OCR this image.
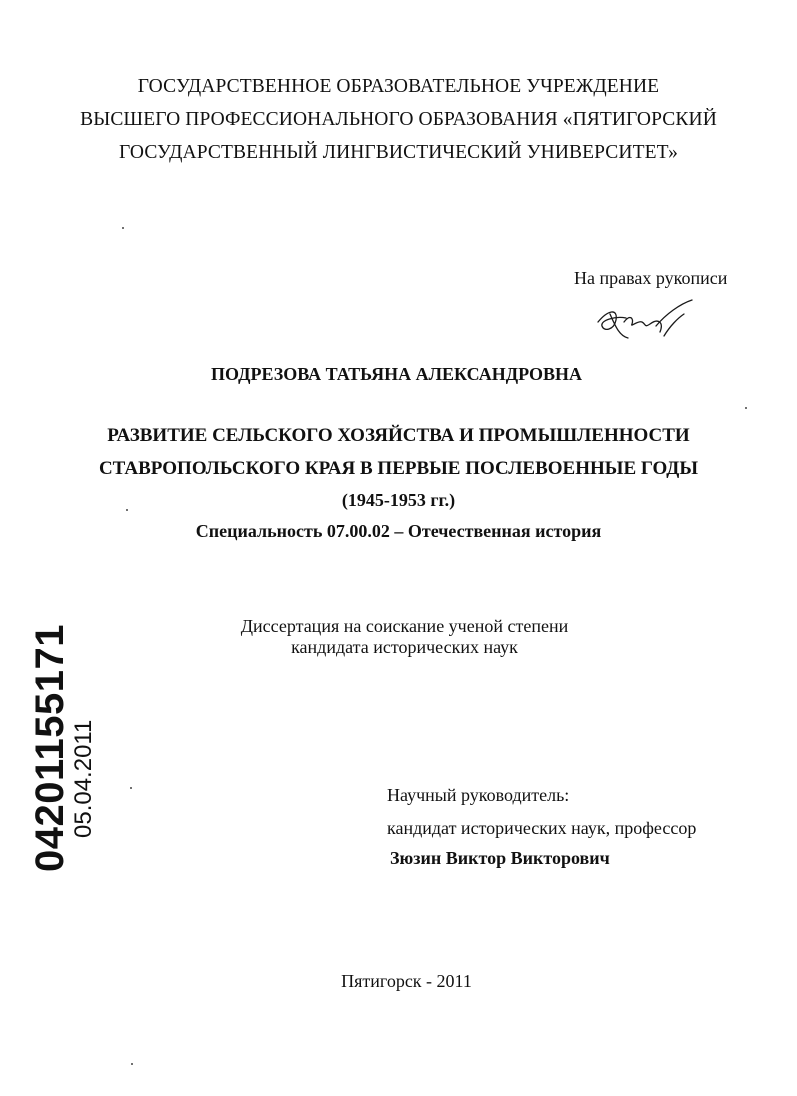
ГОСУДАРСТВЕННОЕ ОБРАЗОВАТЕЛЬНОЕ УЧРЕЖДЕНИЕ
ВЫСШЕГО ПРОФЕССИОНАЛЬНОГО ОБРАЗОВАНИЯ «ПЯТИГОРСКИЙ
ГОСУДАРСТВЕННЫЙ ЛИНГВИСТИЧЕСКИЙ УНИВЕРСИТЕТ»
На правах рукописи
ПОДРЕЗОВА ТАТЬЯНА АЛЕКСАНДРОВНА
РАЗВИТИЕ СЕЛЬСКОГО ХОЗЯЙСТВА И ПРОМЫШЛЕННОСТИ
СТАВРОПОЛЬСКОГО КРАЯ В ПЕРВЫЕ ПОСЛЕВОЕННЫЕ ГОДЫ
(1945-1953 гг.)
Специальность 07.00.02 – Отечественная история
Диссертация на соискание ученой степени
кандидата исторических наук
Научный руководитель:
кандидат исторических наук, профессор
Зюзин Виктор Викторович
Пятигорск - 2011
04201155171
05.04.2011
